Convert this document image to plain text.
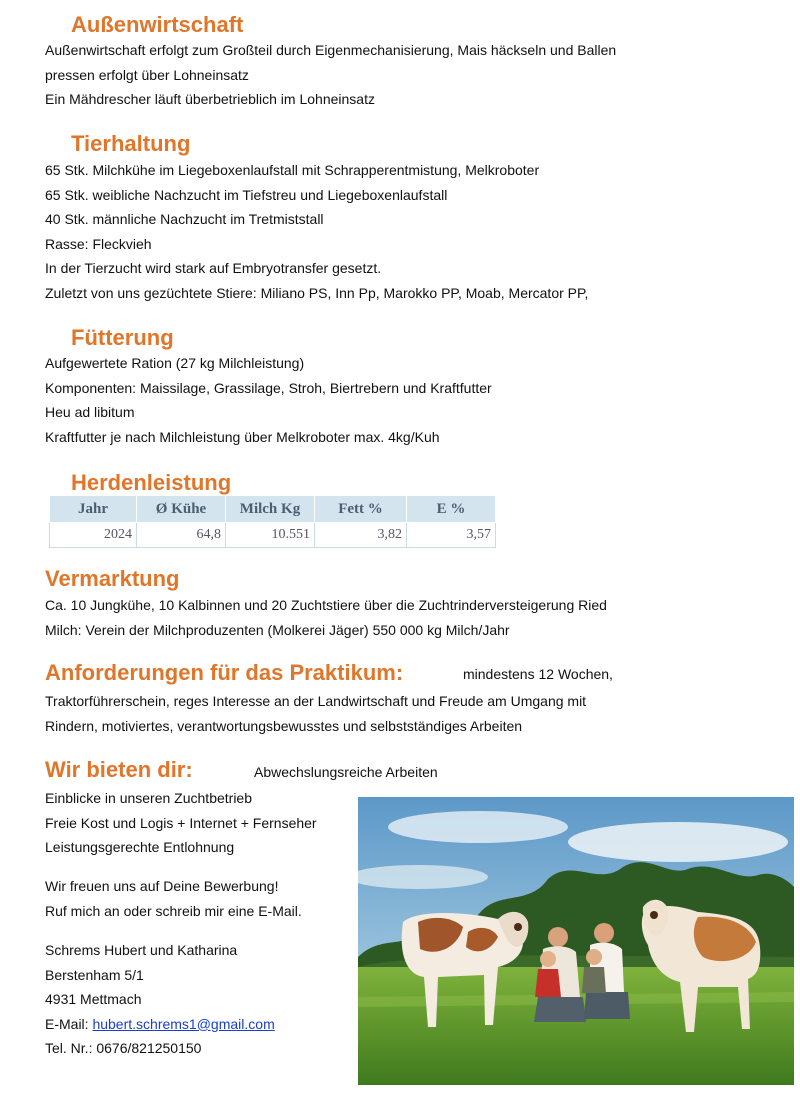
Außenwirtschaft
Außenwirtschaft erfolgt zum Großteil durch Eigenmechanisierung, Mais häckseln und Ballen
pressen erfolgt über Lohneinsatz
Ein Mähdrescher läuft überbetrieblich im Lohneinsatz
Tierhaltung
65 Stk. Milchkühe im Liegeboxenlaufstall mit Schrapperentmistung, Melkroboter
65 Stk. weibliche Nachzucht im Tiefstreu und Liegeboxenlaufstall
40 Stk. männliche Nachzucht im Tretmiststall
Rasse: Fleckvieh
In der Tierzucht wird stark auf Embryotransfer gesetzt.
Zuletzt von uns gezüchtete Stiere: Miliano PS, Inn Pp, Marokko PP, Moab, Mercator PP,
Fütterung
Aufgewertete Ration (27 kg Milchleistung)
Komponenten: Maissilage, Grassilage, Stroh, Biertrebern und Kraftfutter
Heu ad libitum
Kraftfutter je nach Milchleistung über Melkroboter max. 4kg/Kuh
Herdenleistung
Jahr	Ø Kühe	Milch Kg	Fett %	E %
2024	64,8	10.551	3,82	3,57
Vermarktung
Ca. 10 Jungkühe, 10 Kalbinnen und 20 Zuchtstiere über die Zuchtrinderversteigerung Ried
Milch: Verein der Milchproduzenten (Molkerei Jäger) 550 000 kg Milch/Jahr
Anforderungen für das Praktikum:	mindestens 12 Wochen,
Traktorführerschein, reges Interesse an der Landwirtschaft und Freude am Umgang mit
Rindern, motiviertes, verantwortungsbewusstes und selbstständiges Arbeiten
Wir bieten dir:	Abwechslungsreiche Arbeiten
Einblicke in unseren Zuchtbetrieb
Freie Kost und Logis + Internet + Fernseher
Leistungsgerechte Entlohnung
Wir freuen uns auf Deine Bewerbung!
Ruf mich an oder schreib mir eine E-Mail.
Schrems Hubert und Katharina
Berstenham 5/1
4931 Mettmach
E-Mail: hubert.schrems1@gmail.com
Tel. Nr.: 0676/821250150
